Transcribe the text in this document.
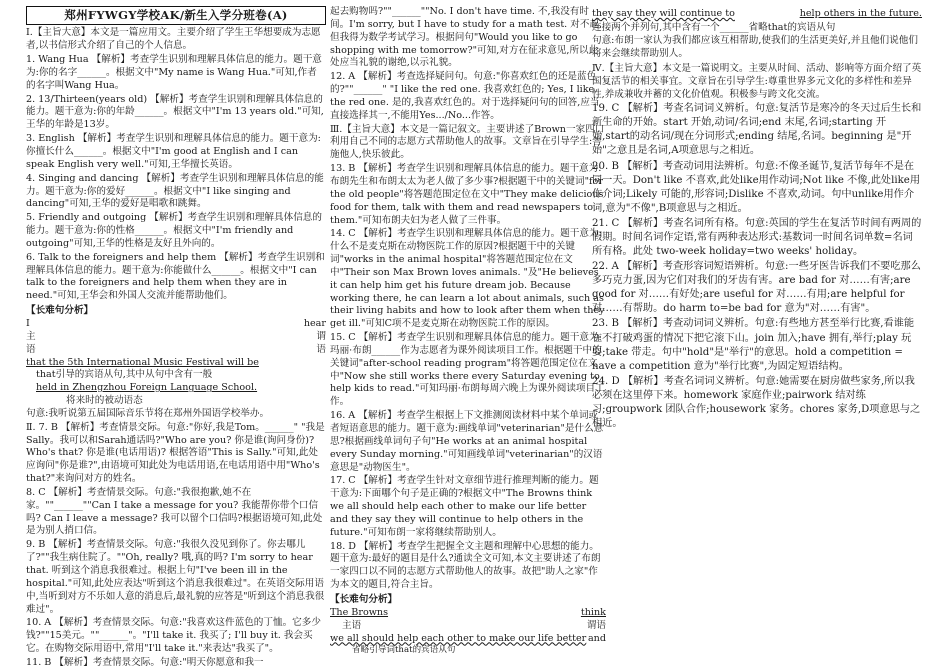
郑州FYWGY学校AK/新生入学分班卷(A)

Ⅰ.【主旨大意】本文是一篇应用文。主要介绍了学生王华想要成为志愿者,以书信形式介绍了自己的个人信息。

1. Wang Hua 【解析】考查学生识别和理解具体信息的能力。题干意为:你的名字______。根据文中"My name is Wang Hua."可知,作者的名字叫Wang Hua。

2. 13/Thirteen(years old) 【解析】考查学生识别和理解具体信息的能力。题干意为:你的年龄______。根据文中"I'm 13 years old."可知,王华的年龄是13岁。

3. English 【解析】考查学生识别和理解具体信息的能力。题干意为:你擅长什么______。根据文中"I'm good at English and I can speak English very well."可知,王华擅长英语。

4. Singing and dancing 【解析】考查学生识别和理解具体信息的能力。题干意为:你的爱好______。根据文中"I like singing and dancing"可知,王华的爱好是唱歌和跳舞。

5. Friendly and outgoing 【解析】考查学生识别和理解具体信息的能力。题干意为:你的性格______。根据文中"I'm friendly and outgoing"可知,王华的性格是友好且外向的。

6. Talk to the foreigners and help them 【解析】考查学生识别和理解具体信息的能力。题干意为:你能做什么______。根据文中"I can talk to the foreigners and help them when they are in need."可知,王华会和外国人交流并能帮助他们。

【长难句分析】

I	hear
主	谓
语	语

that the 5th International Music Festival will be

that引导的宾语从句,其中从句中含有一般

held in Zhengzhou Foreign Language School.

将来时的被动语态

句意:我听说第五届国际音乐节将在郑州外国语学校举办。

Ⅱ. 7. B 【解析】考查情景交际。句意:"你好,我是Tom。______" "我是Sally。我可以和Sarah通话吗?"Who are you? 你是谁(询问身份)? Who's that? 你是谁(电话用语)? 根据答语"This is Sally."可知,此处应询问"你是谁?",由语境可知此处为电话用语,在电话用语中用"Who's that?"来询问对方的姓名。

8. C 【解析】考查情景交际。句意:"我很抱歉,她不在家。""______""Can I take a message for you? 我能帮你带个口信吗? Can I leave a message? 我可以留个口信吗?根据语境可知,此处是为别人捎口信。

9. B 【解析】考查情景交际。句意:"我很久没见到你了。你去哪儿了?""我生病住院了。""Oh, really? 哦,真的吗? I'm sorry to hear that. 听到这个消息我很难过。根据上句"I've been ill in the hospital."可知,此处应表达"听到这个消息我很难过"。在英语交际用语中,当听到对方不乐如人意的消息后,最礼貌的应答是"听到这个消息我很难过"。

10. A 【解析】考查情景交际。句意:"我喜欢这件蓝色的丁恤。它多少钱?""15美元。""______"。"I'll take it. 我买了; I'll buy it. 我会买它。在购物交际用语中,常用"I'll take it."来表达"我买了"。

11. B 【解析】考查情景交际。句意:"明天你愿意和我一

起去购物吗?""______""No. I don't have time. 不,我没有时间。I'm sorry, but I have to study for a math test. 对不起,但我得为数学考试学习。根据问句"Would you like to go shopping with me tomorrow?"可知,对方在征求意见,所以此处应当礼貌的谢绝,以示礼貌。

12. A 【解析】考查选择疑问句。句意:"你喜欢红色的还是蓝色的?""______" "I like the red one. 我喜欢红色的; Yes, I like the red one. 是的,我喜欢红色的。对于选择疑问句的回答,应当直接选择其一,不能用Yes.../No...作答。

Ⅲ.【主旨大意】本文是一篇记叙文。主要讲述了Brown一家四口利用自己不同的志愿方式帮助他人的故事。文章旨在引导学生:善施他人,快乐彼此。

13. B 【解析】考查学生识别和理解具体信息的能力。题干意为:布朗先生和布朗太太为老人做了多少事?根据题干中的关键词"for the old people"将答题范围定位在文中"They make delicious food for them, talk with them and read newspapers to them."可知布朗夫妇为老人做了三件事。

14. C 【解析】考查学生识别和理解具体信息的能力。题干意为:什么不是麦克斯在动物医院工作的原因?根据题干中的关键词"works in the animal hospital"将答题范围定位在文中"Their son Max Brown loves animals. "及"He believes it can help him get his future dream job. Because working there, he can learn a lot about animals, such as their living habits and how to look after them when they get ill."可知C项不是麦克斯在动物医院工作的原因。

15. C 【解析】考查学生识别和理解具体信息的能力。题干意为:玛丽·布朗______作为志愿者为课外阅读项目工作。根据题干中的关键词"after-school reading program"将答题范围定位在文中"Now she still works there every Saturday evening to help kids to read."可知玛丽·布朗每周六晚上为课外阅读项目工作。

16. A 【解析】考查学生根据上下文推测阅读材料中某个单词或者短语意思的能力。题干意为:画线单词"veterinarian"是什么意思?根据画线单词句子句"He works at an animal hospital every Sunday morning."可知画线单词"veterinarian"的汉语意思是"动物医生"。

17. C 【解析】考查学生针对文章细节进行推理判断的能力。题干意为:下面哪个句子是正确的?根据文中"The Browns think we all should help each other to make our life better and they say they will continue to help others in the future."可知布朗一家将继续帮助别人。

18. D 【解析】考查学生把握全文主题和理解中心思想的能力。题干意为:最好的题目是什么?通读全文可知,本文主要讲述了布朗一家四口以不同的志愿方式帮助他人的故事。故把"助人之家"作为本文的题目,符合主旨。

【长难句分析】

The Browns	think
主语	谓语
we all should help each other to make our life better and

省略引导词that的宾语从句

they say they will continue to	help others in the future.

连接两个并列句,其中含有一个______省略that的宾语从句

句意:布朗一家认为我们都应该互相帮助,使我们的生活更美好,并且他们说他们将来会继续帮助别人。

Ⅳ.【主旨大意】本文是一篇说明文。主要从时间、活动、影响等方面介绍了英国复活节的相关事宜。文章旨在引导学生:尊重世界多元文化的多样性和差异性,养成兼收并蓄的文化价值观。积极参与跨文化交流。

19. C 【解析】考查名词词义辨析。句意:复活节是寒冷的冬天过后生长和新生命的开始。start 开始,动词/名词;end 末尾,名词;starting 开始,start的动名词/现在分词形式;ending 结尾,名词。beginning 是"开始"之意且是名词,A项意思与之相近。

20. B 【解析】考查动词用法辨析。句意:不像圣诞节,复活节每年不是在同一天。Don't like 不喜欢,此处like用作动词;Not like 不像,此处like用作介词;Likely 可能的,形容词;Dislike 不喜欢,动词。句中unlike用作介词,意为"不像",B项意思与之相近。

21. C 【解析】考查名词所有格。句意:英国的学生在复活节时间有两周的假期。时间名词作定语,常有两种表达形式:基数词一时间名词单数=名词所有格。此处 two-week holiday=two weeks' holiday。

22. A 【解析】考查形容词短语辨析。句意:一些牙医告诉我们不要吃那么多巧克力蛋,因为它们对我们的牙齿有害。are bad for 对……有害;are good for 对……有好处;are useful for 对……有用;are helpful for 对……有帮助。do harm to=be bad for 意为"对……有害"。

23. B 【解析】考查动词词义辨析。句意:有些地方甚至举行比赛,看谁能在不打破鸡蛋的情况下把它滚下山。join 加入;have 拥有,举行;play 玩耍;take 带走。句中"hold"是"举行"的意思。hold a competition = have a competition 意为"举行比赛",为固定短语结构。

24. D 【解析】考查名词词义辨析。句意:她需要在厨房做些家务,所以我必须在这里停下来。homework 家庭作业;pairwork 结对练习;groupwork 团队合作;housework 家务。chores 家务,D项意思与之相近。
